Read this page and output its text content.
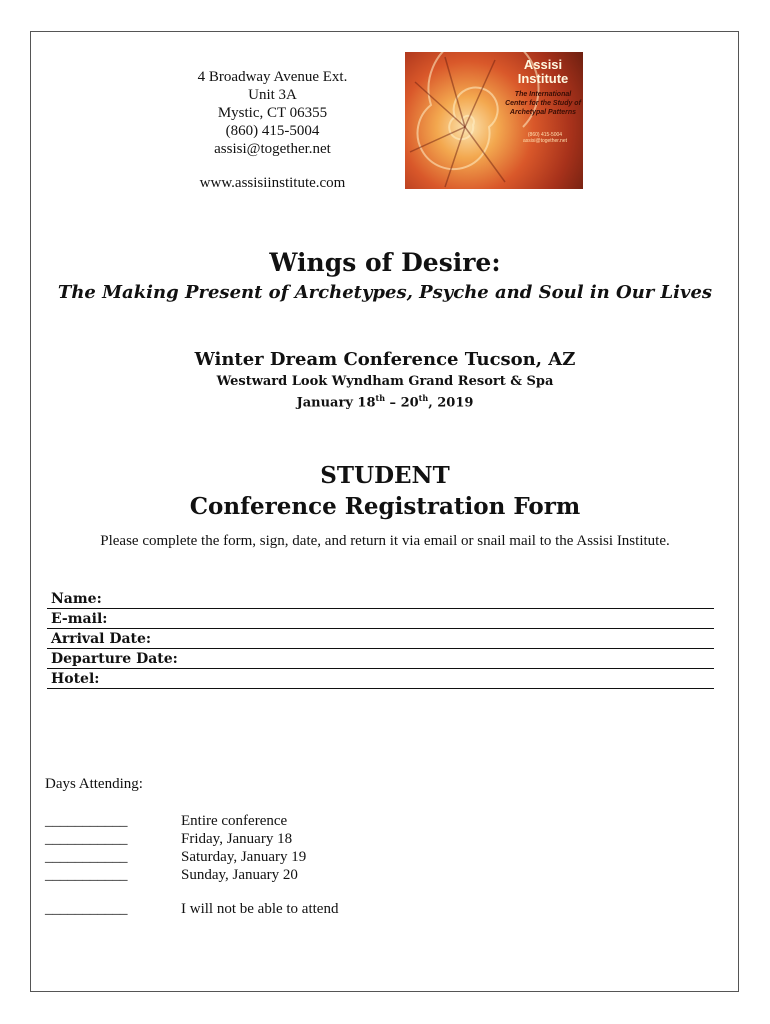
4 Broadway Avenue Ext.
Unit 3A
Mystic, CT 06355
(860) 415-5004
assisi@together.net
www.assisiinstitute.com
Assisi
Institute
The International Center for the Study of Archetypal Patterns
(860) 415-5004
assisi@together.net
Wings of Desire:
The Making Present of Archetypes, Psyche and Soul in Our Lives
Winter Dream Conference Tucson, AZ
Westward Look Wyndham Grand Resort & Spa
January 18th – 20th, 2019
STUDENT
Conference Registration Form
Please complete the form, sign, date, and return it via email or snail mail to the Assisi Institute.
Name:
E-mail:
Arrival Date:
Departure Date:
Hotel:
Days Attending:
___________	Entire conference
___________	Friday, January 18
___________	Saturday, January 19
___________	Sunday, January 20
___________	I will not be able to attend
